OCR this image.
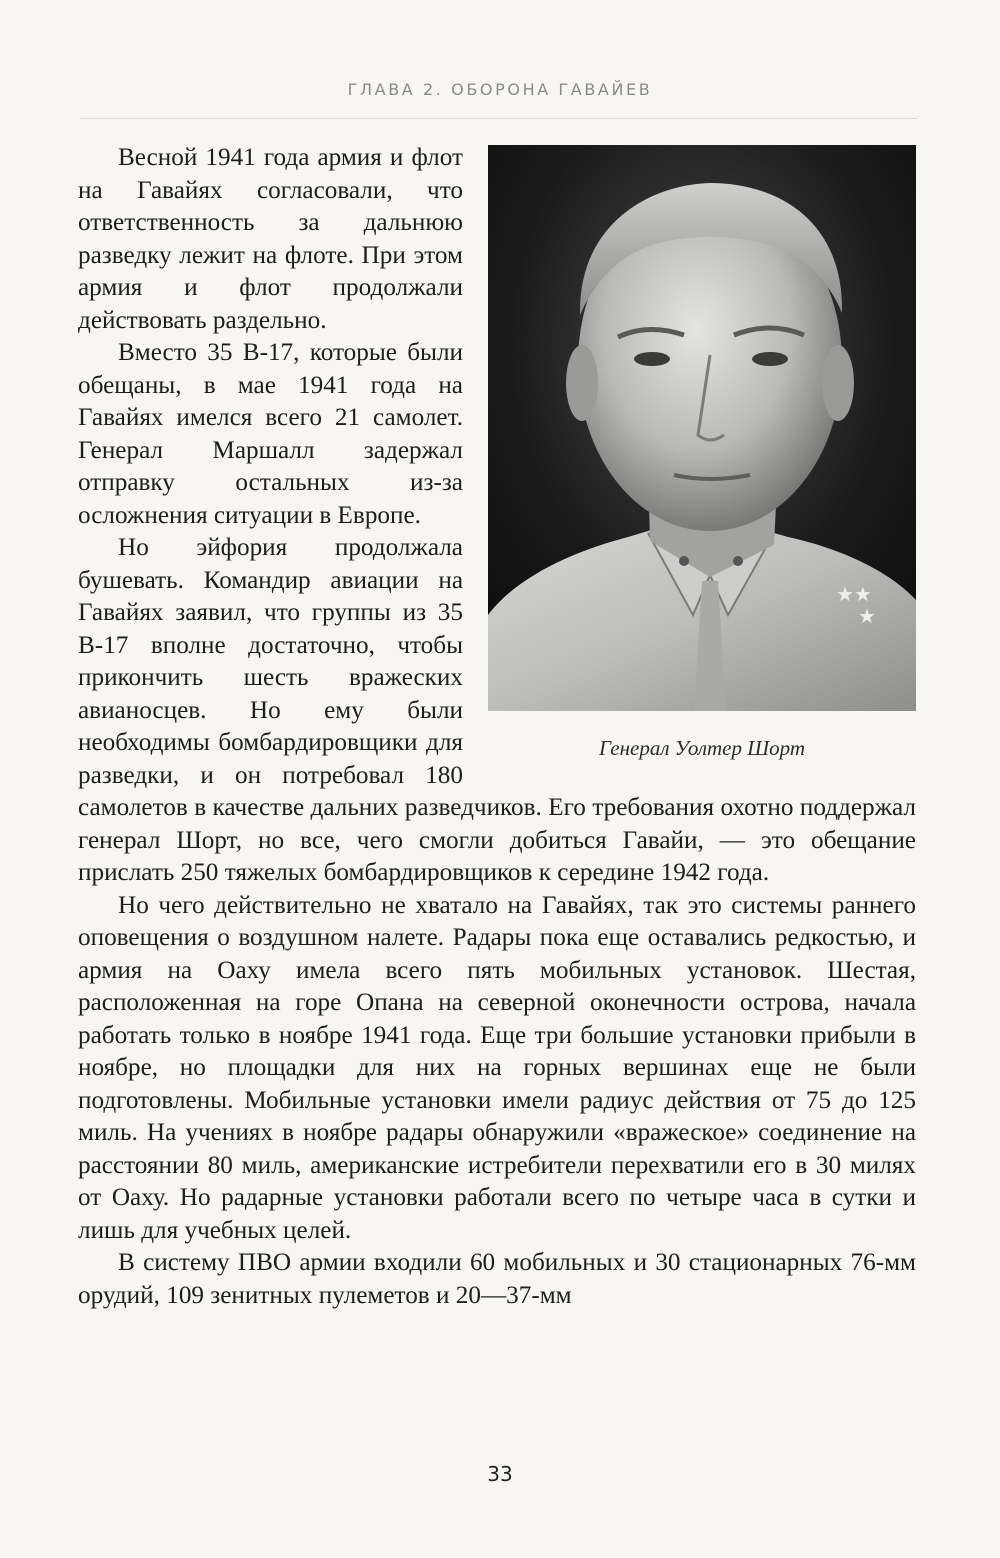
ГЛАВА 2. ОБОРОНА ГАВАЙЕВ
★★
★
Генерал Уолтер Шорт

Весной 1941 года армия и флот на Гавайях согласовали, что ответственность за дальнюю разведку лежит на флоте. При этом армия и флот продолжали действовать раздельно.

Вместо 35 B-17, которые были обещаны, в мае 1941 года на Гавайях имелся всего 21 самолет. Генерал Маршалл задержал отправку остальных из-за осложнения ситуации в Европе.

Но эйфория продолжала бушевать. Командир авиации на Гавайях заявил, что группы из 35 B-17 вполне достаточно, чтобы прикончить шесть вражеских авианосцев. Но ему были необходимы бомбардировщики для разведки, и он потребовал 180 самолетов в качестве дальних разведчиков. Его требования охотно поддержал генерал Шорт, но все, чего смогли добиться Гавайи, — это обещание прислать 250 тяжелых бомбардировщиков к середине 1942 года.

Но чего действительно не хватало на Гавайях, так это системы раннего оповещения о воздушном налете. Радары пока еще оставались редкостью, и армия на Оаху имела всего пять мобильных установок. Шестая, расположенная на горе Опана на северной оконечности острова, начала работать только в ноябре 1941 года. Еще три большие установки прибыли в ноябре, но площадки для них на горных вершинах еще не были подготовлены. Мобильные установки имели радиус действия от 75 до 125 миль. На учениях в ноябре радары обнаружили «вражеское» соединение на расстоянии 80 миль, американские истребители перехватили его в 30 милях от Оаху. Но радарные установки работали всего по четыре часа в сутки и лишь для учебных целей.

В систему ПВО армии входили 60 мобильных и 30 стационарных 76-мм орудий, 109 зенитных пулеметов и 20—37-мм

33
